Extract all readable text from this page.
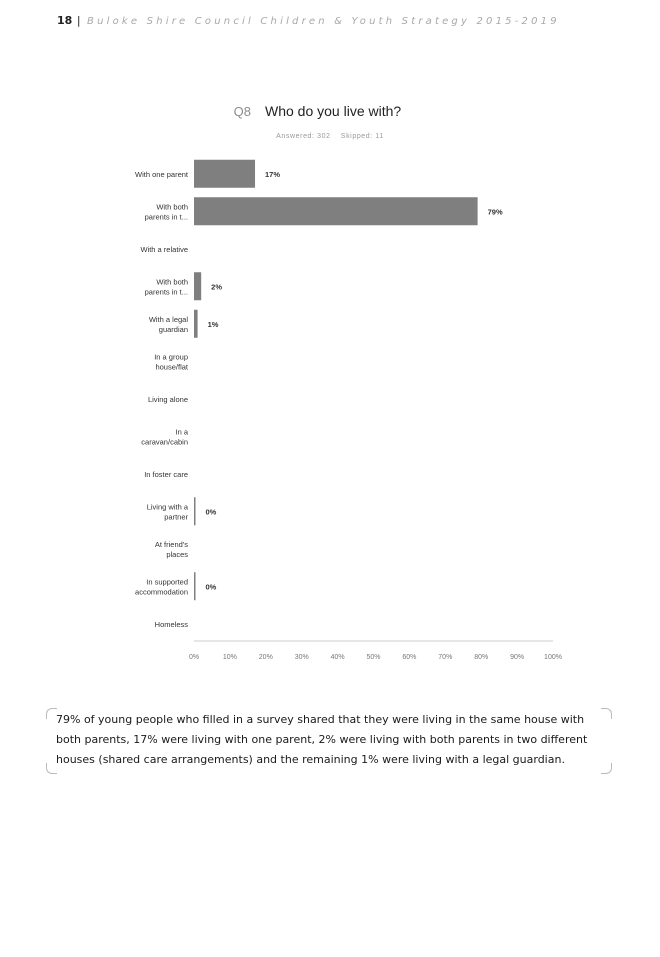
18 | Buloke Shire Council Children & Youth Strategy 2015-2019
Q8 Who do you live with?
Answered: 302    Skipped: 11
With one parent	17%
With both parents in t...
79%
With a relative
With both parents in t...
2%
With a legal guardian
1%
In a group house/flat
Living alone
In a caravan/cabin
In foster care
Living with a partner
0%
At friend's places
In supported accommodation
0%
Homeless
0%	10%	20%	30%	40%	50%	60%	70%	80%	90%	100%

79% of young people who filled in a survey shared that they were living in the same house with both parents, 17% were living with one parent, 2% were living with both parents in two different houses (shared care arrangements) and the remaining 1% were living with a legal guardian.
